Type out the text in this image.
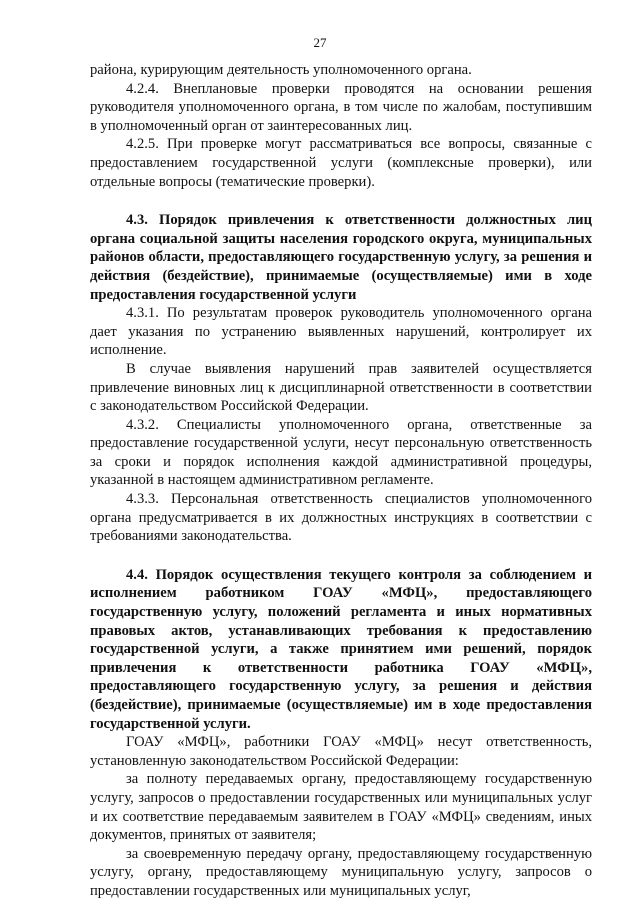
27

района, курирующим деятельность уполномоченного органа.

4.2.4. Внеплановые проверки проводятся на основании решения руководителя уполномоченного органа, в том числе по жалобам, поступившим в уполномоченный орган от заинтересованных лиц.

4.2.5. При проверке могут рассматриваться все вопросы, связанные с предоставлением государственной услуги (комплексные проверки), или отдельные вопросы (тематические проверки).

4.3. Порядок привлечения к ответственности должностных лиц органа социальной защиты населения городского округа, муниципальных районов области, предоставляющего государственную услугу, за решения и действия (бездействие), принимаемые (осуществляемые) ими в ходе предоставления государственной услуги

4.3.1. По результатам проверок руководитель уполномоченного органа дает указания по устранению выявленных нарушений, контролирует их исполнение.

В случае выявления нарушений прав заявителей осуществляется привлечение виновных лиц к дисциплинарной ответственности в соответствии с законодательством Российской Федерации.

4.3.2. Специалисты уполномоченного органа, ответственные за предоставление государственной услуги, несут персональную ответственность за сроки и порядок исполнения каждой административной процедуры, указанной в настоящем административном регламенте.

4.3.3. Персональная ответственность специалистов уполномоченного органа предусматривается в их должностных инструкциях в соответствии с требованиями законодательства.

4.4. Порядок осуществления текущего контроля за соблюдением и исполнением работником ГОАУ «МФЦ», предоставляющего государственную услугу, положений регламента и иных нормативных правовых актов, устанавливающих требования к предоставлению государственной услуги, а также принятием ими решений, порядок привлечения к ответственности работника ГОАУ «МФЦ», предоставляющего государственную услугу, за решения и действия (бездействие), принимаемые (осуществляемые) им в ходе предоставления государственной услуги.

ГОАУ «МФЦ», работники ГОАУ «МФЦ» несут ответственность, установленную законодательством Российской Федерации:

за полноту передаваемых органу, предоставляющему государственную услугу, запросов о предоставлении государственных или муниципальных услуг и их соответствие передаваемым заявителем в ГОАУ «МФЦ» сведениям, иных документов, принятых от заявителя;

за своевременную передачу органу, предоставляющему государственную услугу, органу, предоставляющему муниципальную услугу, запросов о предоставлении государственных или муниципальных услуг,
